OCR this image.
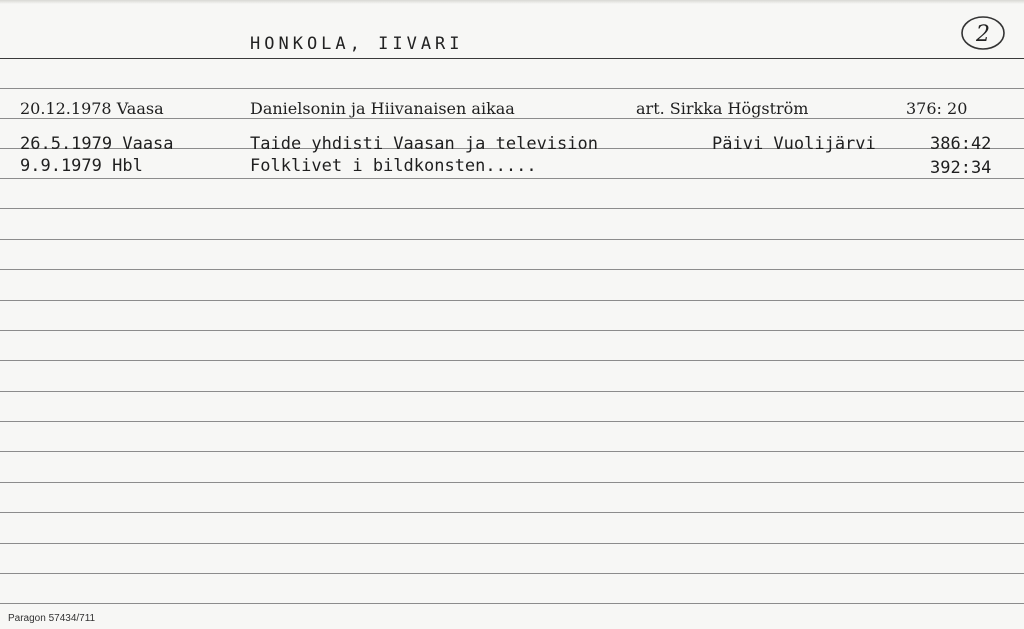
HONKOLA, IIVARI	2
20.12.1978 Vaasa	Danielsonin ja Hiivanaisen aikaa	art. Sirkka Högström	376: 20
26.5.1979 Vaasa	Taide yhdisti Vaasan ja television	Päivi Vuolijärvi	386:42
9.9.1979 Hbl	Folklivet i bildkonsten.....	392:34
Paragon 57434/711
